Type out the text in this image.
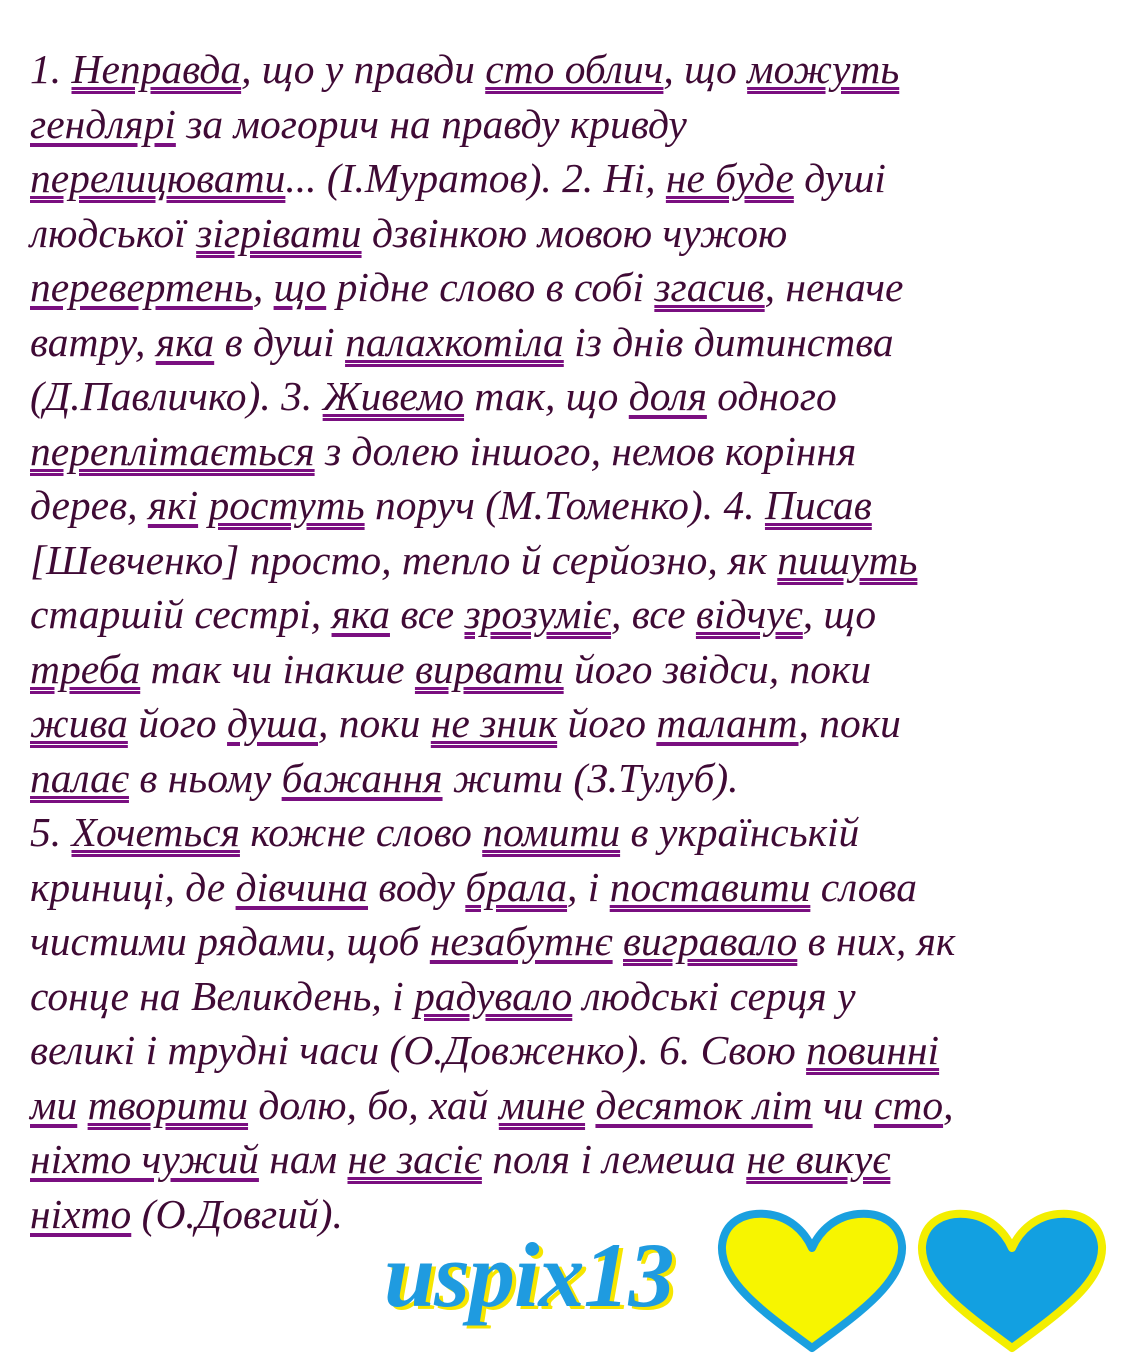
1. Неправда, що у правди сто облич, що можуть
гендлярі за могорич на правду кривду
перелицювати... (І.Муратов). 2. Ні, не буде душі
людської зігрівати дзвінкою мовою чужою
перевертень, що рідне слово в собі згасив, неначе
ватру, яка в душі палахкотіла із днів дитинства
(Д.Павличко). 3. Живемо так, що доля одного
переплітається з долею іншого, немов коріння
дерев, які ростуть поруч (М.Томенко). 4. Писав
[Шевченко] просто, тепло й серйозно, як пишуть
старшій сестрі, яка все зрозуміє, все відчує, що
треба так чи інакше вирвати його звідси, поки
жива його душа, поки не зник його талант, поки
палає в ньому бажання жити (З.Тулуб).
5. Хочеться кожне слово помити в українській
криниці, де дівчина воду брала, і поставити слова
чистими рядами, щоб незабутнє вигравало в них, як
сонце на Великдень, і радувало людські серця у
великі і трудні часи (О.Довженко). 6. Свою повинні
ми творити долю, бо, хай мине десяток літ чи сто,
ніхто чужий нам не засіє поля і лемеша не викує
ніхто (О.Довгий).
uspix13
